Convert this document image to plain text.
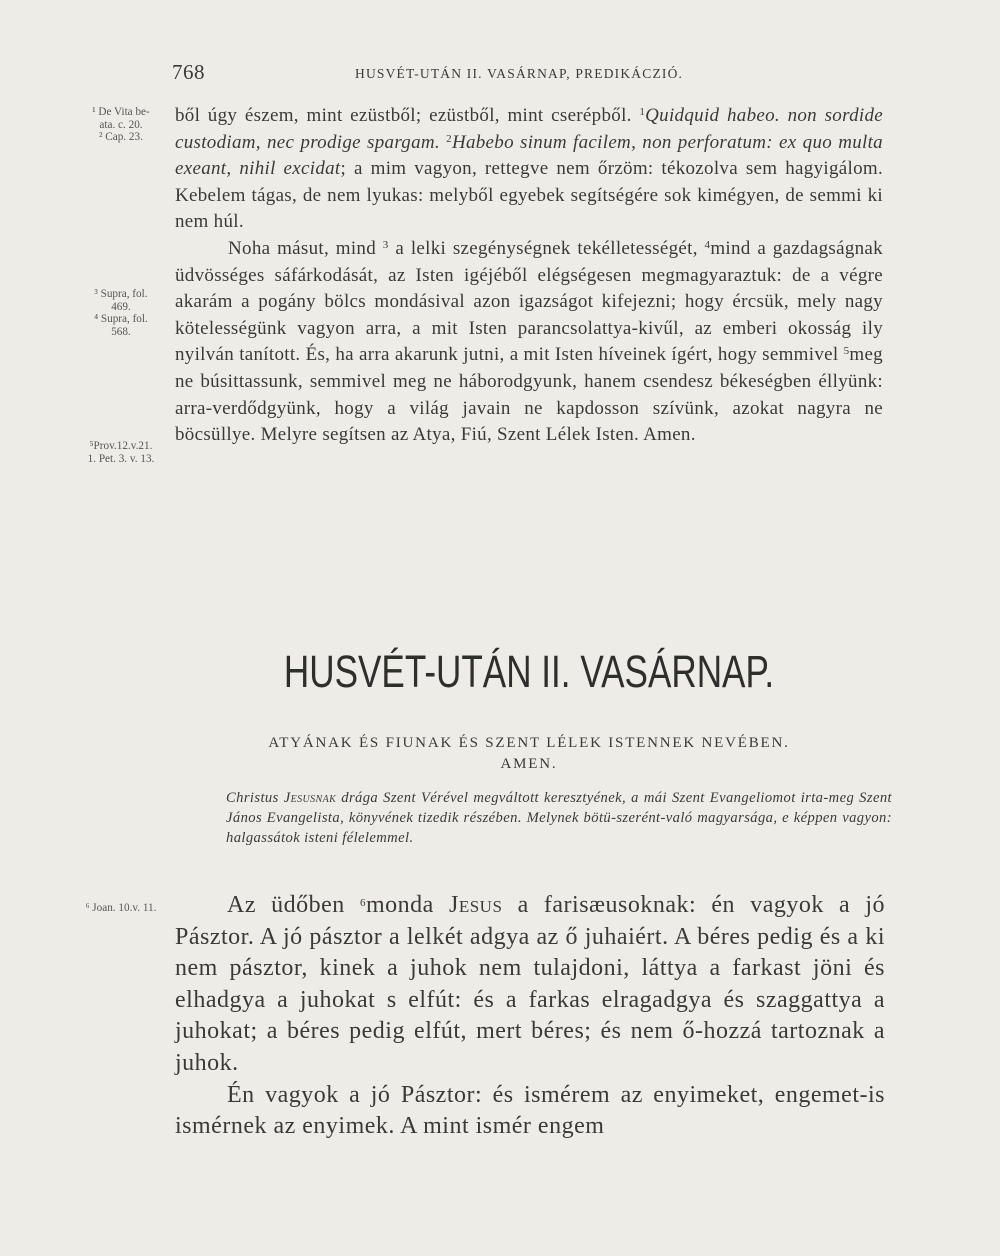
768	HUSVÉT-UTÁN II. VASÁRNAP, PREDIKÁCZIÓ.
¹ De Vita be-
ata. c. 20.
² Cap. 23.
³ Supra, fol.
469.
⁴ Supra, fol.
568.
⁵Prov.12.v.21.
1. Pet. 3. v. 13.
⁶ Joan. 10.v. 11.

ből úgy észem, mint ezüstből; ezüstből, mint cserépből. $^1$Quidquid habeo. non sordide custodiam, nec prodige spargam. $^2$Habebo sinum facilem, non perforatum: ex quo multa exeant, nihil excidat; a mim vagyon, rettegve nem őrzöm: tékozolva sem hagyigálom. Kebelem tágas, de nem lyukas: melyből egyebek segítségére sok kimégyen, de semmi ki nem húl.

Noha másut, mind $^3$ a lelki szegénységnek tekélletességét, $^4$mind a gazdagságnak üdvösséges sáfárkodását, az Isten igéjéből elégségesen megmagyaraztuk: de a végre akarám a pogány bölcs mondásival azon igazságot kifejezni; hogy ércsük, mely nagy kötelességünk vagyon arra, a mit Isten parancsolattya-kivűl, az emberi okosság ily nyilván tanított. És, ha arra akarunk jutni, a mit Isten híveinek ígért, hogy semmivel $^5$meg ne búsittassunk, semmivel meg ne háborodgyunk, hanem csendesz békeségben éllyünk: arra-verdődgyünk, hogy a világ javain ne kapdosson szívünk, azokat nagyra ne böcsüllye. Melyre segítsen az Atya, Fiú, Szent Lélek Isten. Amen.

HUSVÉT-UTÁN II. VASÁRNAP.
ATYÁNAK ÉS FIUNAK ÉS SZENT LÉLEK ISTENNEK NEVÉBEN.
AMEN.

Christus Jesusnak drága Szent Vérével megváltott keresztyének, a mái Szent Evangeliomot irta-meg Szent János Evangelista, könyvének tizedik részében. Melynek bötü-szerént-való magyarsága, e képpen vagyon: halgassátok isteni félelemmel.

Az üdőben $^6$monda Jesus a farisæusoknak: én vagyok a jó Pásztor. A jó pásztor a lelkét adgya az ő juhaiért. A béres pedig és a ki nem pásztor, kinek a juhok nem tulajdoni, láttya a farkast jöni és elhadgya a juhokat s elfút: és a farkas elragadgya és szaggattya a juhokat; a béres pedig elfút, mert béres; és nem ő-hozzá tartoznak a juhok.

Én vagyok a jó Pásztor: és ismérem az enyimeket, engemet-is ismérnek az enyimek. A mint ismér engem
